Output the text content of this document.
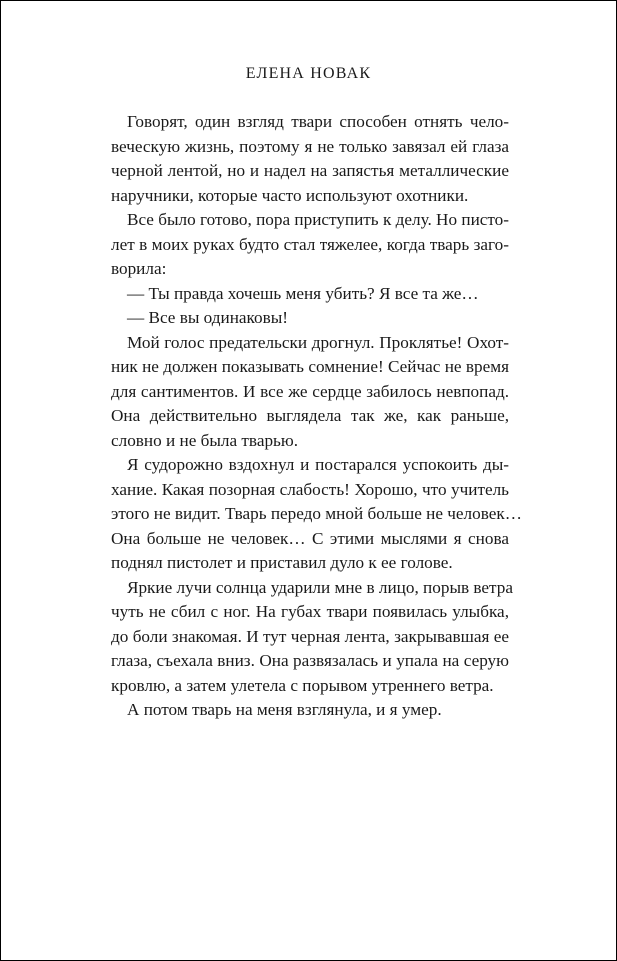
ЕЛЕНА НОВАК
Говорят, один взгляд твари способен отнять чело-
веческую жизнь, поэтому я не только завязал ей глаза
черной лентой, но и надел на запястья металлические
наручники, которые часто используют охотники.
Все было готово, пора приступить к делу. Но писто-
лет в моих руках будто стал тяжелее, когда тварь заго-
ворила:
— Ты правда хочешь меня убить? Я все та же…
— Все вы одинаковы!
Мой голос предательски дрогнул. Проклятье! Охот-
ник не должен показывать сомнение! Сейчас не время
для сантиментов. И все же сердце забилось невпопад.
Она действительно выглядела так же, как раньше,
словно и не была тварью.
Я судорожно вздохнул и постарался успокоить ды-
хание. Какая позорная слабость! Хорошо, что учитель
этого не видит. Тварь передо мной больше не человек…
Она больше не человек… С этими мыслями я снова
поднял пистолет и приставил дуло к ее голове.
Яркие лучи солнца ударили мне в лицо, порыв ветра
чуть не сбил с ног. На губах твари появилась улыбка,
до боли знакомая. И тут черная лента, закрывавшая ее
глаза, съехала вниз. Она развязалась и упала на серую
кровлю, а затем улетела с порывом утреннего ветра.
А потом тварь на меня взглянула, и я умер.
